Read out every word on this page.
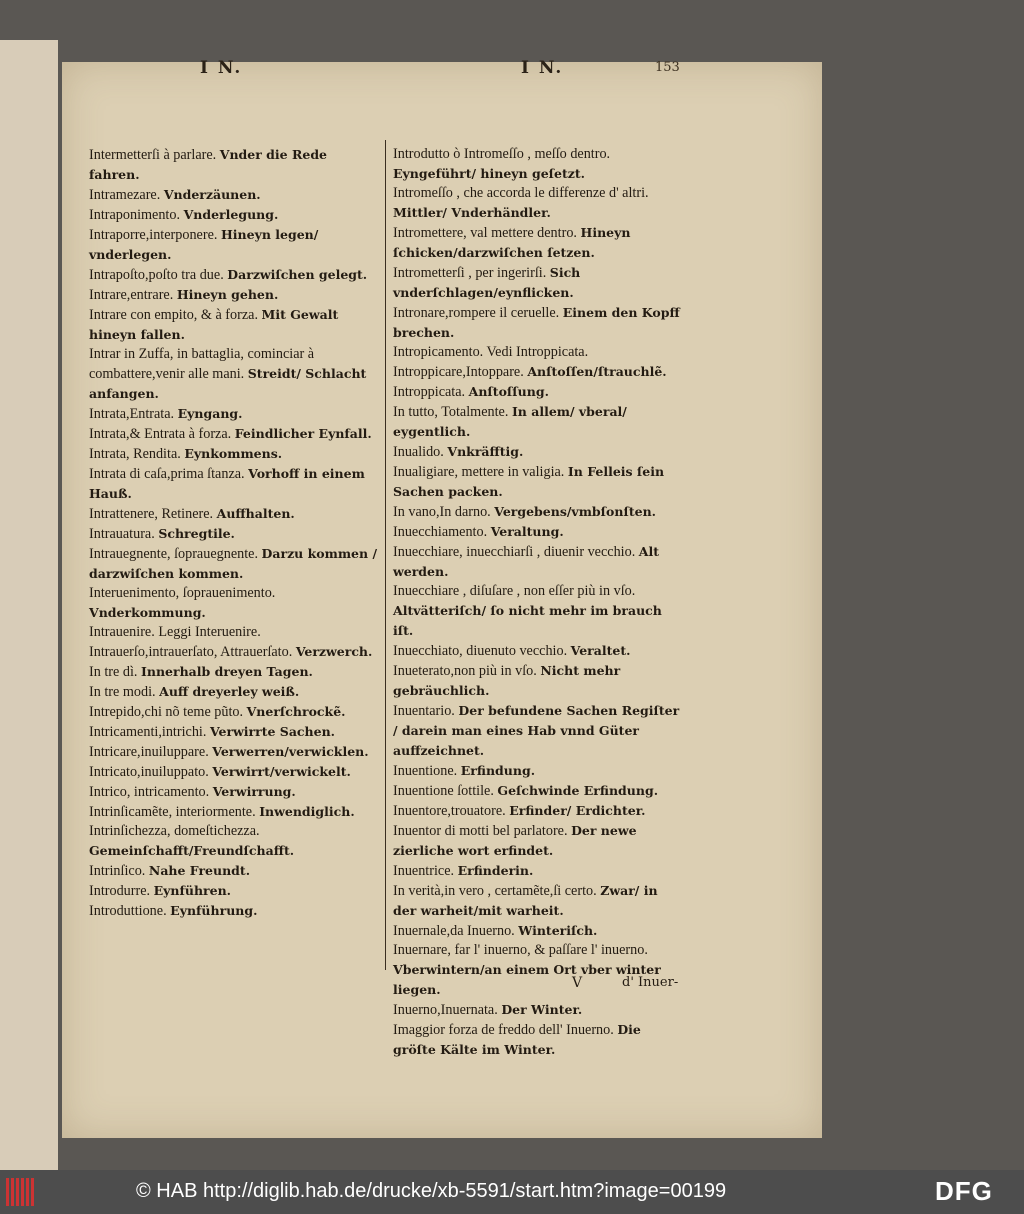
I N.	I N.	153
Intermetterſi à parlare. Vnder die Rede fahren.
Intramezare. Vnderzäunen.
Intraponimento. Vnderlegung.
Intraporre,interponere. Hineyn legen/ vnderlegen.
Intrapoſto,poſto tra due. Darzwiſchen gelegt.
Intrare,entrare. Hineyn gehen.
Intrare con empito, & à forza. Mit Gewalt hineyn fallen.
Intrar in Zuffa, in battaglia, cominciar à combattere,venir alle mani. Streidt/ Schlacht anfangen.
Intrata,Entrata. Eyngang.
Intrata,& Entrata à forza. Feindlicher Eynfall.
Intrata, Rendita. Eynkommens.
Intrata di caſa,prima ſtanza. Vorhoff in einem Hauß.
Intrattenere, Retinere. Auffhalten.
Intrauatura. Schregtile.
Intrauegnente, ſoprauegnente. Darzu kommen / darzwiſchen kommen.
Interuenimento, ſoprauenimento. Vnderkommung.
Intrauenire. Leggi Interuenire.
Intrauerſo,intrauerſato, Attrauerſato. Verzwerch.
In tre dì. Innerhalb dreyen Tagen.
In tre modi. Auff dreyerley weiß.
Intrepido,chi nõ teme pũto. Vnerſchrockẽ.
Intricamenti,intrichi. Verwirrte Sachen.
Intricare,inuiluppare. Verwerren/verwicklen.
Intricato,inuiluppato. Verwirrt/verwickelt.
Intrico, intricamento. Verwirrung.
Intrinſicamẽte, interiormente. Inwendiglich.
Intrinſichezza, domeſtichezza. Gemeinſchafft/Freundſchafft.
Intrinſico. Nahe Freundt.
Introdurre. Eynführen.
Introduttione. Eynführung.
Introdutto ò Intromeſſo , meſſo dentro. Eyngeführt/ hineyn geſetzt.
Intromeſſo , che accorda le differenze d' altri. Mittler/ Vnderhändler.
Intromettere, val mettere dentro. Hineyn ſchicken/darzwiſchen ſetzen.
Intrometterſi , per ingerirſi. Sich vnderſchlagen/eynflicken.
Intronare,rompere il ceruelle. Einem den Kopff brechen.
Intropicamento. Vedi Introppicata.
Introppicare,Intoppare. Anſtoſſen/ſtrauchlẽ.
Introppicata. Anſtoſſung.
In tutto, Totalmente. In allem/ vberal/ eygentlich.
Inualido. Vnkräfftig.
Inualigiare, mettere in valigia. In Felleis ſein Sachen packen.
In vano,In darno. Vergebens/vmbſonſten.
Inuecchiamento. Veraltung.
Inuecchiare, inuecchiarſi , diuenir vecchio. Alt werden.
Inuecchiare , diſuſare , non eſſer più in vſo. Altvätteriſch/ ſo nicht mehr im brauch iſt.
Inuecchiato, diuenuto vecchio. Veraltet.
Inueterato,non più in vſo. Nicht mehr gebräuchlich.
Inuentario. Der befundene Sachen Regiſter / darein man eines Hab vnnd Güter auffzeichnet.
Inuentione. Erfindung.
Inuentione ſottile. Geſchwinde Erfindung.
Inuentore,trouatore. Erfinder/ Erdichter.
Inuentor di motti bel parlatore. Der newe zierliche wort erfindet.
Inuentrice. Erfinderin.
In verità,in vero , certamẽte,ſi certo. Zwar/ in der warheit/mit warheit.
Inuernale,da Inuerno. Winteriſch.
Inuernare, far l' inuerno, & paſſare l' inuerno. Vberwintern/an einem Ort vber winter liegen.
Inuerno,Inuernata. Der Winter.
Imaggior forza de freddo dell' Inuerno. Die gröſte Kälte im Winter.
V	d' Inuer-
© HAB http://diglib.hab.de/drucke/xb-5591/start.htm?image=00199	DFG
